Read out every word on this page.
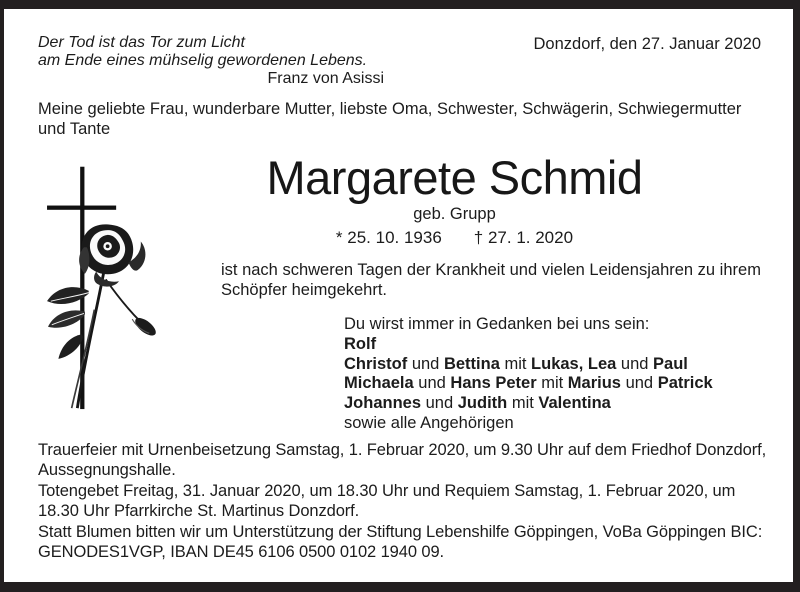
Der Tod ist das Tor zum Licht
am Ende eines mühselig gewordenen Lebens.
Franz von Asissi
Donzdorf, den 27. Januar 2020
Meine geliebte Frau, wunderbare Mutter, liebste Oma, Schwester, Schwägerin, Schwiegermutter und Tante
Margarete Schmid
geb. Grupp
* 25. 10. 1936 † 27. 1. 2020
ist nach schweren Tagen der Krankheit und vielen Leidensjahren zu ihrem Schöpfer heimgekehrt.
Du wirst immer in Gedanken bei uns sein:
Rolf
Christof und Bettina mit Lukas, Lea und Paul
Michaela und Hans Peter mit Marius und Patrick
Johannes und Judith mit Valentina
sowie alle Angehörigen

Trauerfeier mit Urnenbeisetzung Samstag, 1. Februar 2020, um 9.30 Uhr auf dem Friedhof Donzdorf, Aussegnungshalle.

Totengebet Freitag, 31. Januar 2020, um 18.30 Uhr und Requiem Samstag, 1. Februar 2020, um 18.30 Uhr Pfarrkirche St. Martinus Donzdorf.

Statt Blumen bitten wir um Unterstützung der Stiftung Lebenshilfe Göppingen, VoBa Göppingen BIC: GENODES1VGP, IBAN DE45 6106 0500 0102 1940 09.
